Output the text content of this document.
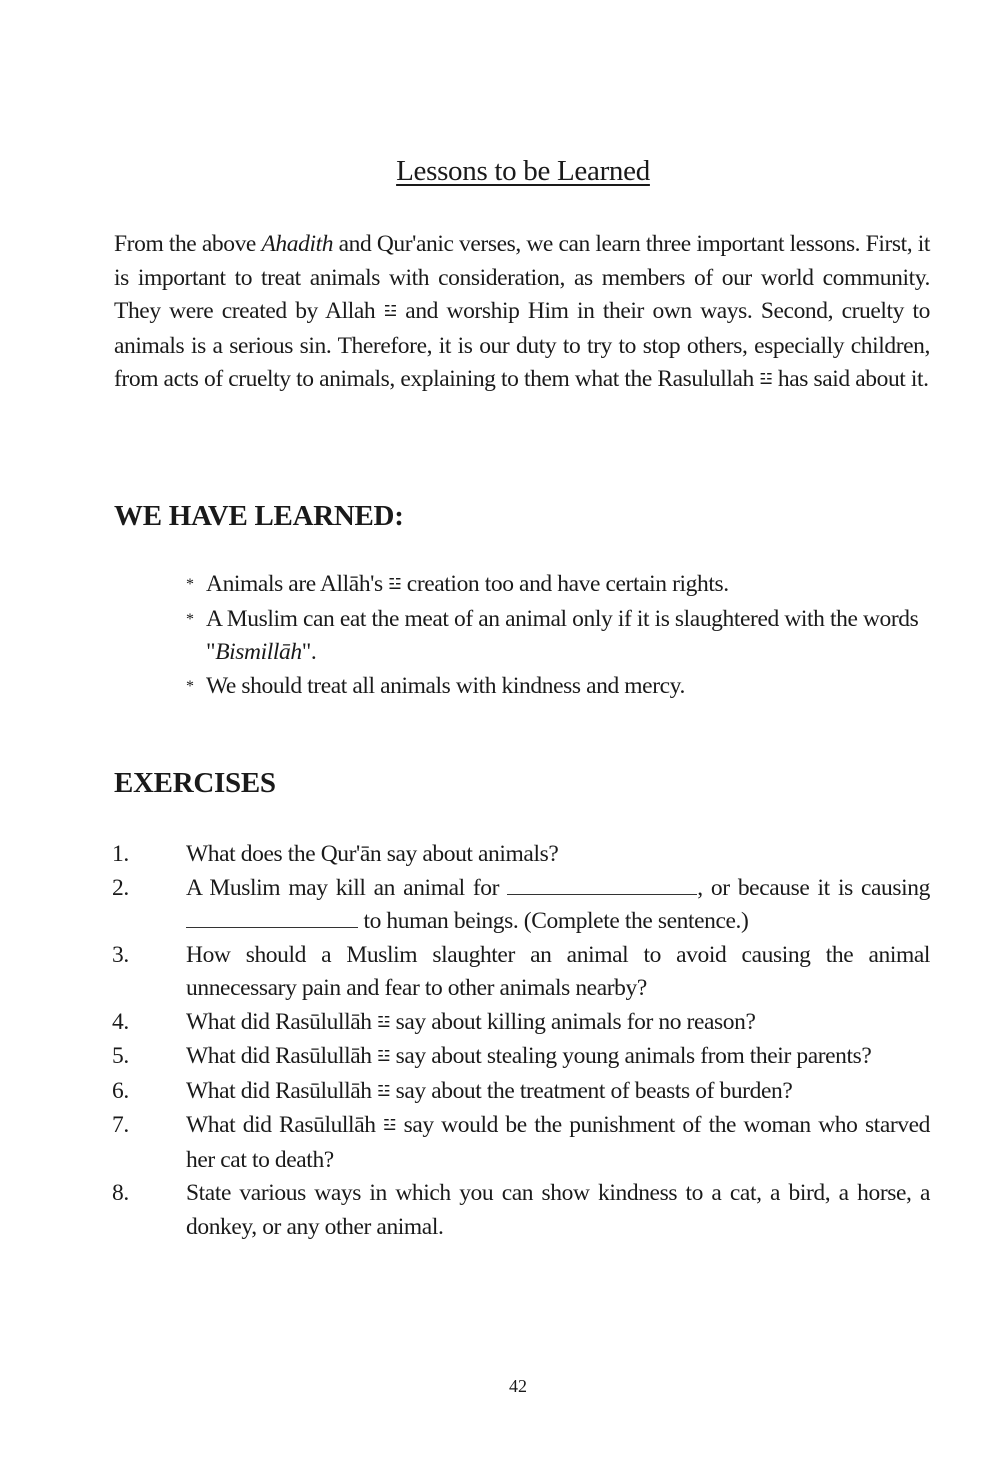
Lessons to be Learned

From the above Ahadith and Qur'anic verses, we can learn three important lessons. First, it is important to treat animals with consideration, as members of our world community. They were created by Allah ☳ and worship Him in their own ways. Second, cruelty to animals is a serious sin. Therefore, it is our duty to try to stop others, especially children, from acts of cruelty to animals, explaining to them what the Rasulullah ☳ has said about it.

WE HAVE LEARNED:
* Animals are Allāh's ☳ creation too and have certain rights.
* A Muslim can eat the meat of an animal only if it is slaughtered with the words "Bismillāh".
* We should treat all animals with kindness and mercy.
EXERCISES
1.	What does the Qur'ān say about animals?
2.	A Muslim may kill an animal for	, or because it is causing to human beings. (Complete the sentence.)
3.	How should a Muslim slaughter an animal to avoid causing the animal unnecessary pain and fear to other animals nearby?
4.	What did Rasūlullāh ☳ say about killing animals for no reason?
5.	What did Rasūlullāh ☳ say about stealing young animals from their parents?
6.	What did Rasūlullāh ☳ say about the treatment of beasts of burden?
7.	What did Rasūlullāh ☳ say would be the punishment of the woman who starved her cat to death?
8.	State various ways in which you can show kindness to a cat, a bird, a horse, a donkey, or any other animal.
42
